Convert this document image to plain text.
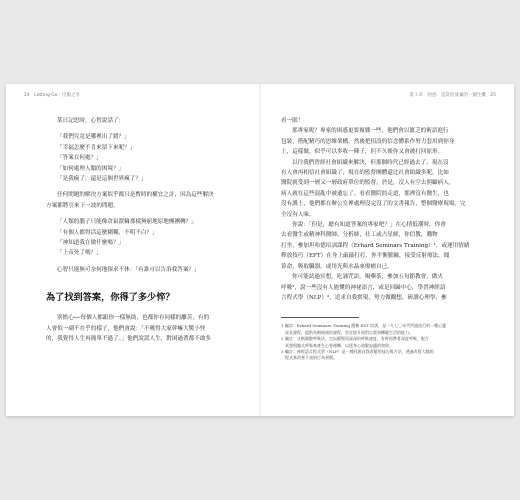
24 Letting Go・臣服之享

某日記思時，心智說話了：

「我們究竟是哪裡出了錯？」

「幸福怎麼不肯來留下來呢？」

「答案在何處？」

「如何處理人類的困境？」

「是我瘋了，還是這個世界瘋了？」

任何問題的解決方案似乎都只是暫時的權宜之計，因為這些解決

方案都將引來下一波的問題。

「人類的腦子只能像倉鼠滾輪那樣無窮地原地團團轉？」

「有個人都得活這麼糊糊、不明不白？」

「神知道我在做什麼嗎？」

「上帝死了嗎？」

心智只能無可奈何地探求不休：「有誰可以告訴我答案？」

為了找到答案，你得了多少悴？

別擔心──每個人都跟你一樣無助，也都你有同樣的離苦，有的

人會似一副不在乎的樣子，他們會說：「不曉得大家幹嘛大驚小怪

的，我覺得人生再簡單不過了。」他們說謊人生，對困過著都不敢多

第１章　困惑：是當你放棄的一個生機 25

看一眼！

那專家呢？專家的困惑更要複雜一些，他們會以匱乏的術語進行

包裝，搭配精巧的思維架構，然後把招設的信念體系作努力套用到你身

上，這樣做，似乎可以多收一陣子，但不久後你又會被打回原形。

以往我們曾經社會組織來解決，但那個時代已經過去了，現在沒

有人會再相信社會組織了，現在的監督團體還比社會組織多呢，比如

醫院就受到一層又一層政府單位的監督，於是，沒人有空去照顧病人，

病人就在這些混亂中被遺忘了。看看醫院的走道，那裡沒有醫生，也

沒有護士，他們都在辦公室裡處理沒完沒了的文書報告，整個醫療現場，完

全沒有人味。

你說：「但是，總有知道答案的專家吧？」在心情低潮時，你會

去看醫生或精神科醫師，分析師，社工或占星師，你信教，購物

打坐，參加坦哈德培訓課程（Erhard Seminars Training）¹，或運用情緒

釋放技巧（EFT）在身上敲敲打打，你平衡脈輪，接受反射療法，聞

算命，吸取臓器，或用光與水晶來療癒自己。

你可能試過冥想，吃誦咒語，喝藥茶，參加五旬節教會，做火

呼吸²，說一些沒有人能懂的神祕語言，或是回歸中心，學習神經語

言程式學（NLP）³，追求自我實現，努力做觀想，研讀心理學，參

1 編註：Erhard Seminars Training 簡稱 EST 培訓，是一九七〇年代所盛流行的一種心靈
　成長課程，提供為期兩週的課程，旨在提升面對自我和轉變生活的能力。
2 編註：又稱調整呼吸法，它以緩慢而深深的呼吸速度，有時再帶著深度呼吸，配合
　冥想與腹式呼吸來產生心智運轉，以達身心放鬆安適的效果。
3 編註：神經語言程式學（NLP）是一種找源自我改變的技巧與方法，透過改寫大腦的
　程式來改善不良的行為習慣。
